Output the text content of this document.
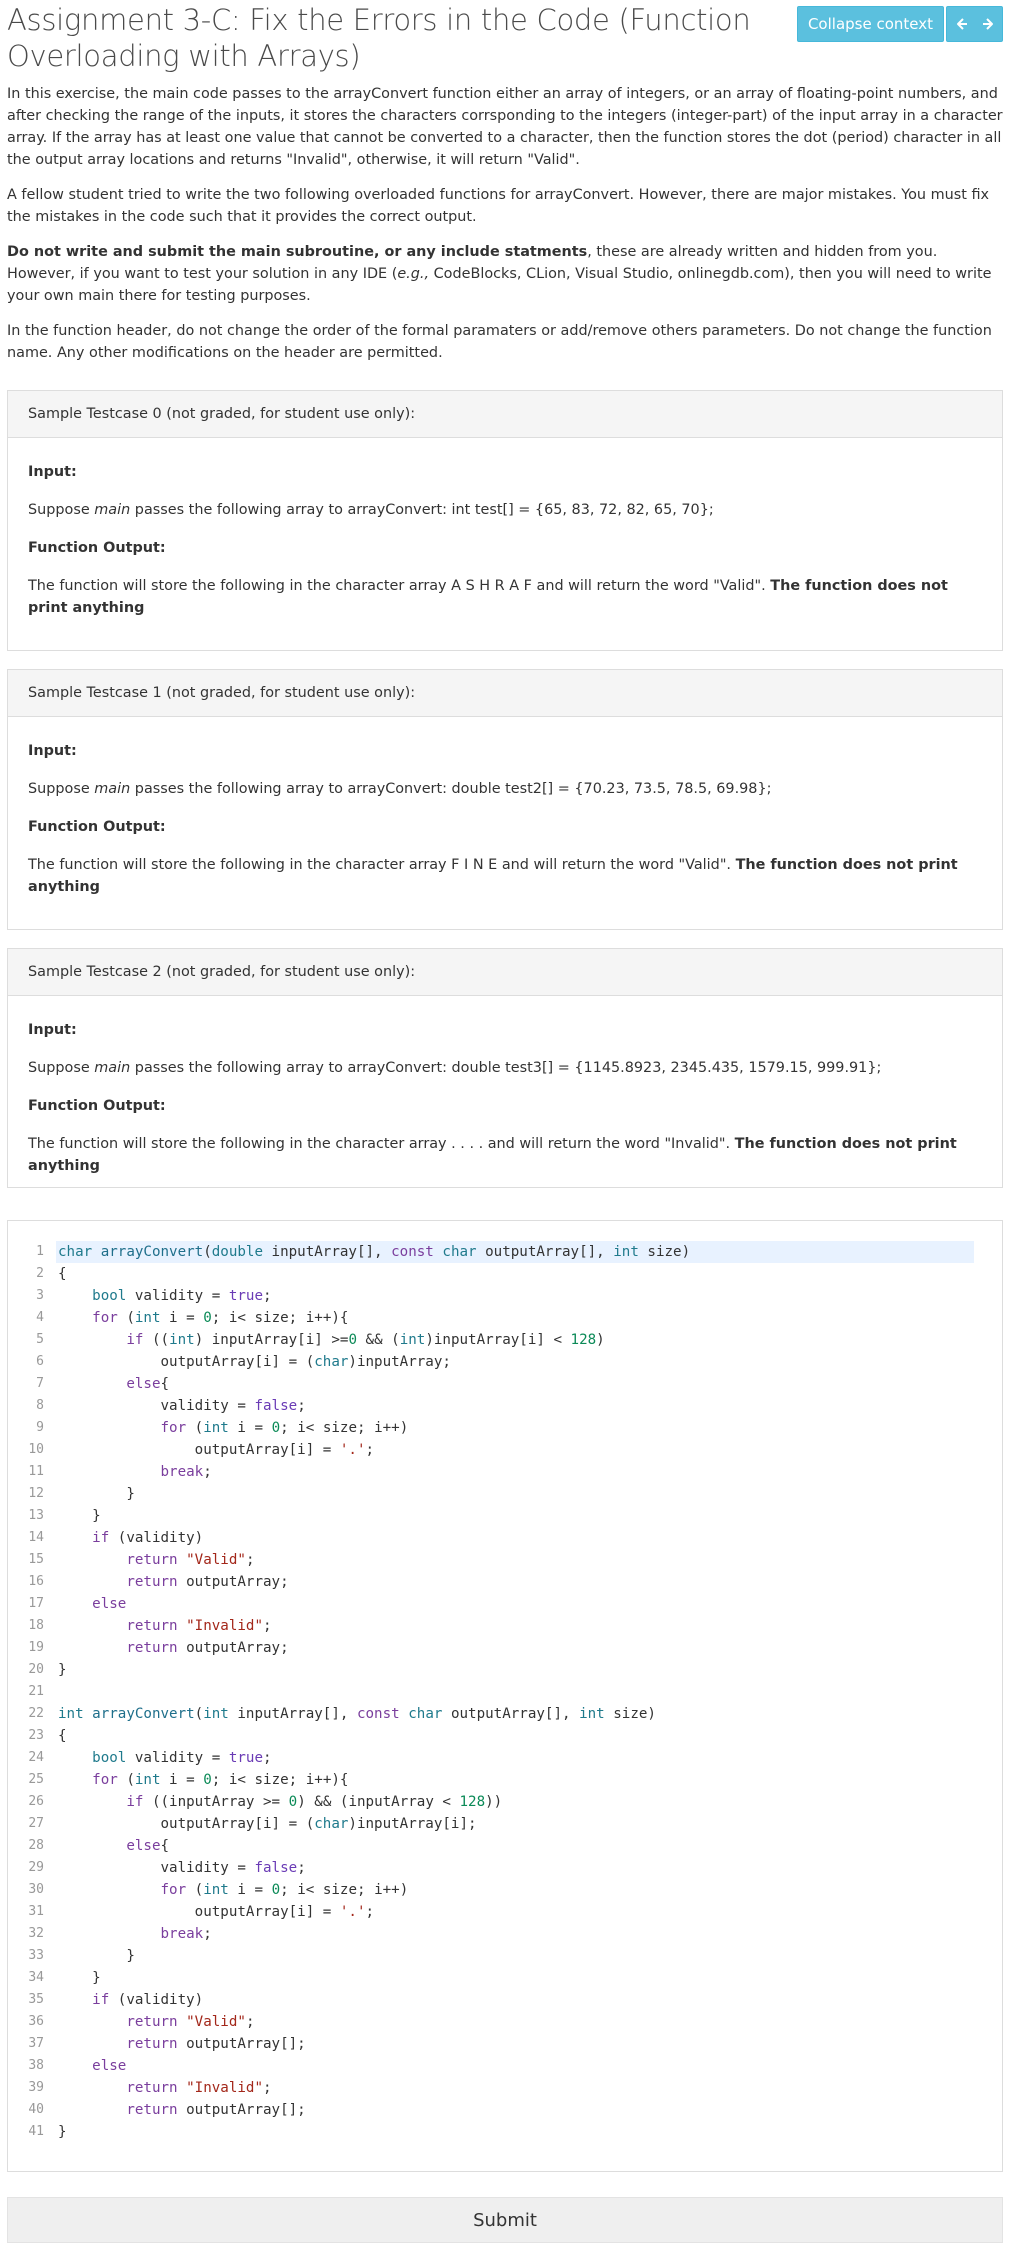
Assignment 3-C: Fix the Errors in the Code (Function Overloading with Arrays)
Collapse context

In this exercise, the main code passes to the arrayConvert function either an array of integers, or an array of floating-point numbers, and after checking the range of the inputs, it stores the characters corrsponding to the integers (integer-part) of the input array in a character array. If the array has at least one value that cannot be converted to a character, then the function stores the dot (period) character in all the output array locations and returns "Invalid", otherwise, it will return "Valid".

A fellow student tried to write the two following overloaded functions for arrayConvert. However, there are major mistakes. You must fix the mistakes in the code such that it provides the correct output.

Do not write and submit the main subroutine, or any include statments, these are already written and hidden from you. However, if you want to test your solution in any IDE (e.g., CodeBlocks, CLion, Visual Studio, onlinegdb.com), then you will need to write your own main there for testing purposes.

In the function header, do not change the order of the formal paramaters or add/remove others parameters. Do not change the function name. Any other modifications on the header are permitted.

Sample Testcase 0 (not graded, for student use only):
Input:
Suppose main passes the following array to arrayConvert: int test[] = {65, 83, 72, 82, 65, 70};
Function Output:
The function will store the following in the character array A S H R A F and will return the word "Valid". The function does not print anything
Sample Testcase 1 (not graded, for student use only):
Input:
Suppose main passes the following array to arrayConvert: double test2[] = {70.23, 73.5, 78.5, 69.98};
Function Output:
The function will store the following in the character array F I N E and will return the word "Valid". The function does not print anything
Sample Testcase 2 (not graded, for student use only):
Input:
Suppose main passes the following array to arrayConvert: double test3[] = {1145.8923, 2345.435, 1579.15, 999.91};
Function Output:
The function will store the following in the character array . . . . and will return the word "Invalid". The function does not print anything
1 char arrayConvert(double inputArray[], const char outputArray[], int size)
2 {
3	bool validity = true;
4	for (int i = 0; i< size; i++){
5	if ((int) inputArray[i] >=0 && (int)inputArray[i] < 128)
6 outputArray[i] = (char)inputArray;
7	else{
8 validity = false;
9	for (int i = 0; i< size; i++)
10 outputArray[i] = '.';
11	break;
12 }
13 }
14	if (validity)
15	return "Valid";
16	return outputArray;
17	else
18	return "Invalid";
19	return outputArray;
20 }
21
22 int arrayConvert(int inputArray[], const char outputArray[], int size)
23 {
24	bool validity = true;
25	for (int i = 0; i< size; i++){
26	if ((inputArray >= 0) && (inputArray < 128))
27 outputArray[i] = (char)inputArray[i];
28	else{
29 validity = false;
30	for (int i = 0; i< size; i++)
31 outputArray[i] = '.';
32	break;
33 }
34 }
35	if (validity)
36	return "Valid";
37	return outputArray[];
38	else
39	return "Invalid";
40	return outputArray[];
41 }
Submit
